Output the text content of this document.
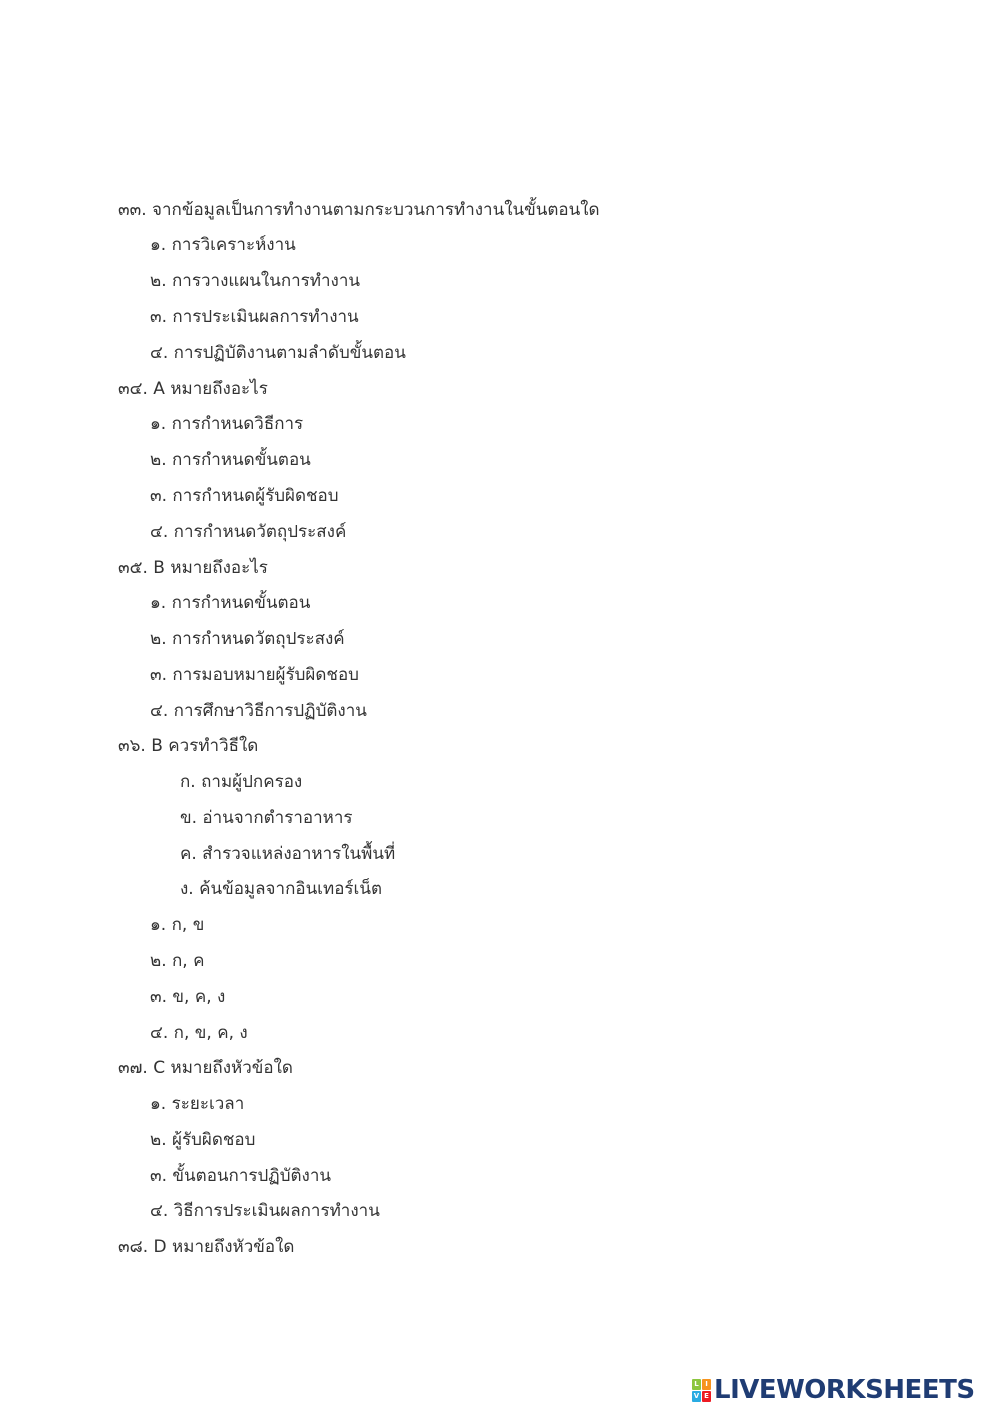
๓๓. จากข้อมูลเป็นการทำงานตามกระบวนการทำงานในขั้นตอนใด
๑. การวิเคราะห์งาน
๒. การวางแผนในการทำงาน
๓. การประเมินผลการทำงาน
๔. การปฏิบัติงานตามลำดับขั้นตอน
๓๔. A หมายถึงอะไร
๑. การกำหนดวิธีการ
๒. การกำหนดขั้นตอน
๓. การกำหนดผู้รับผิดชอบ
๔. การกำหนดวัตถุประสงค์
๓๕. B หมายถึงอะไร
๑. การกำหนดขั้นตอน
๒. การกำหนดวัตถุประสงค์
๓. การมอบหมายผู้รับผิดชอบ
๔. การศึกษาวิธีการปฏิบัติงาน
๓๖. B ควรทำวิธีใด
ก. ถามผู้ปกครอง
ข. อ่านจากตำราอาหาร
ค. สำรวจแหล่งอาหารในพื้นที่
ง. ค้นข้อมูลจากอินเทอร์เน็ต
๑. ก, ข
๒. ก, ค
๓. ข, ค, ง
๔. ก, ข, ค, ง
๓๗. C หมายถึงหัวข้อใด
๑. ระยะเวลา
๒. ผู้รับผิดชอบ
๓. ขั้นตอนการปฏิบัติงาน
๔. วิธีการประเมินผลการทำงาน
๓๘. D หมายถึงหัวข้อใด
L I
V E LIVEWORKSHEETS
